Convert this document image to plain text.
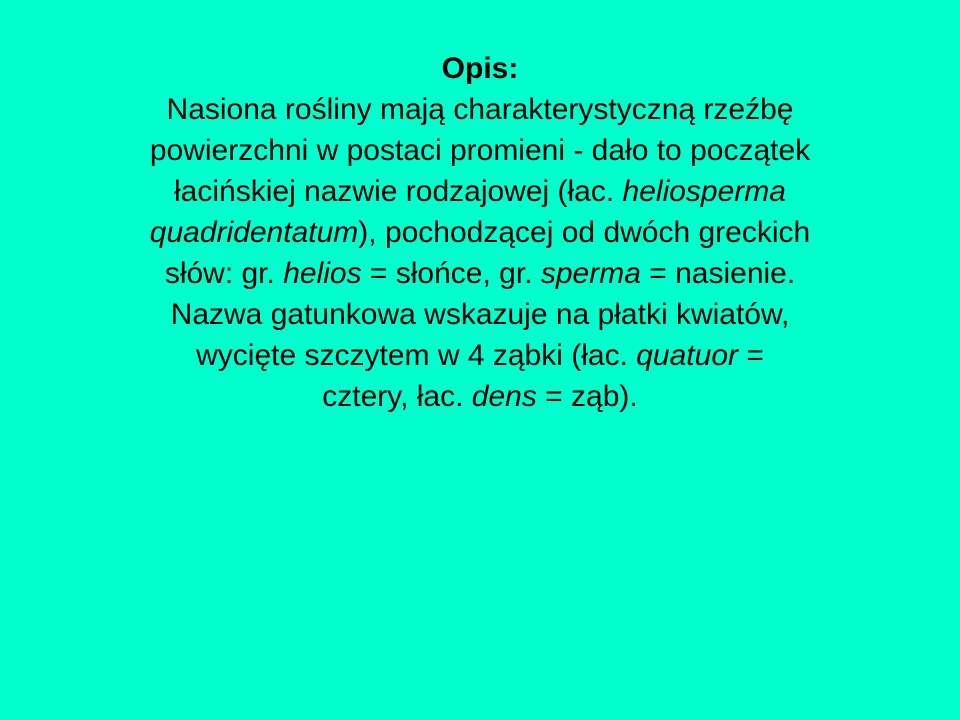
Opis:
Nasiona rośliny mają charakterystyczną rzeźbę
powierzchni w postaci promieni - dało to początek
łacińskiej nazwie rodzajowej (łac. heliosperma
quadridentatum), pochodzącej od dwóch greckich
słów: gr. helios = słońce, gr. sperma = nasienie.
Nazwa gatunkowa wskazuje na płatki kwiatów,
wycięte szczytem w 4 ząbki (łac. quatuor =
cztery, łac. dens = ząb).
